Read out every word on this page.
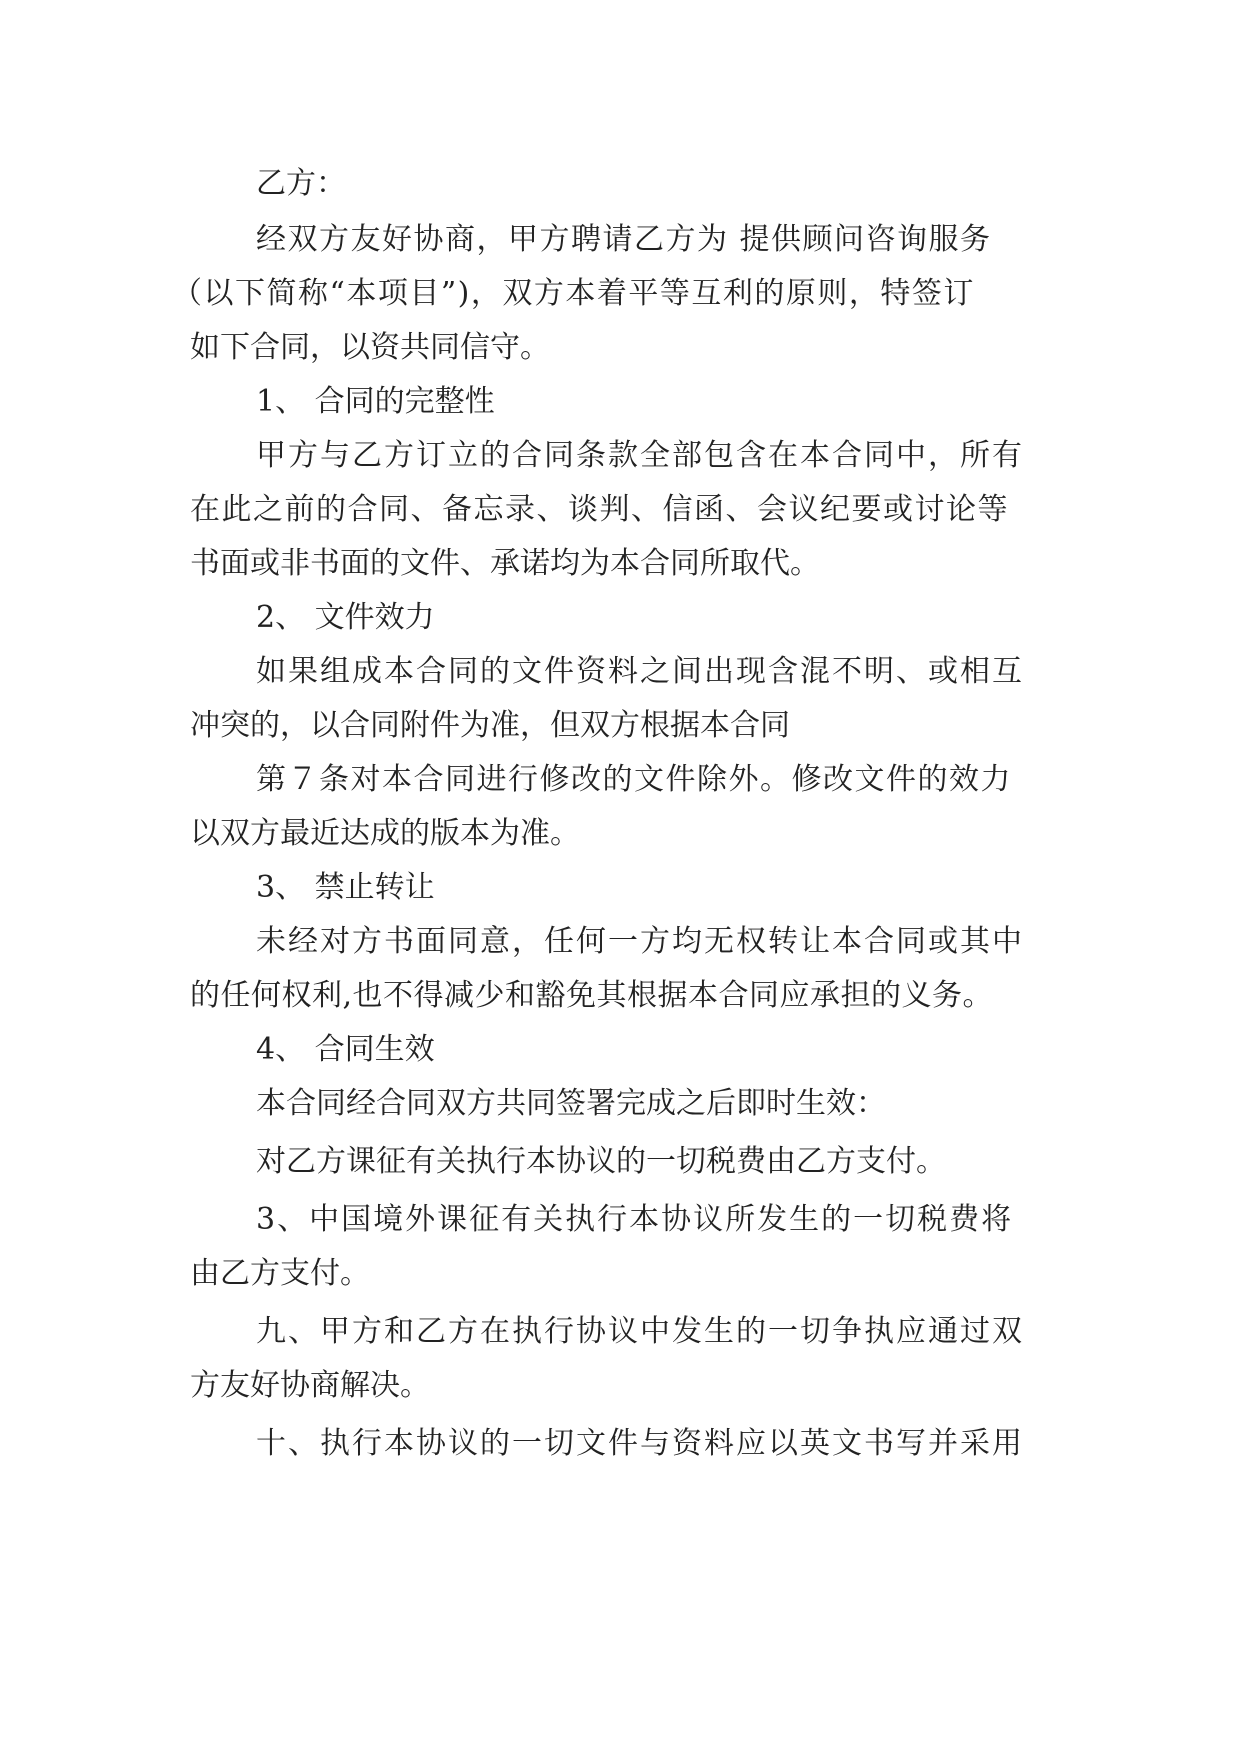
乙方：
经双方友好协商，甲方聘请乙方为 提供顾问咨询服务
（以下简称“本项目”)，双方本着平等互利的原则，特签订
如下合同，以资共同信守。
1、 合同的完整性
甲方与乙方订立的合同条款全部包含在本合同中，所有
在此之前的合同、备忘录、谈判、信函、会议纪要或讨论等
书面或非书面的文件、承诺均为本合同所取代。
2、 文件效力
如果组成本合同的文件资料之间出现含混不明、或相互
冲突的，以合同附件为准，但双方根据本合同
第７条对本合同进行修改的文件除外。修改文件的效力
以双方最近达成的版本为准。
3、 禁止转让
未经对方书面同意，任何一方均无权转让本合同或其中
的任何权利,也不得减少和豁免其根据本合同应承担的义务。
4、 合同生效
本合同经合同双方共同签署完成之后即时生效：
对乙方课征有关执行本协议的一切税费由乙方支付。
3、中国境外课征有关执行本协议所发生的一切税费将
由乙方支付。
九、甲方和乙方在执行协议中发生的一切争执应通过双
方友好协商解决。
十、执行本协议的一切文件与资料应以英文书写并采用
